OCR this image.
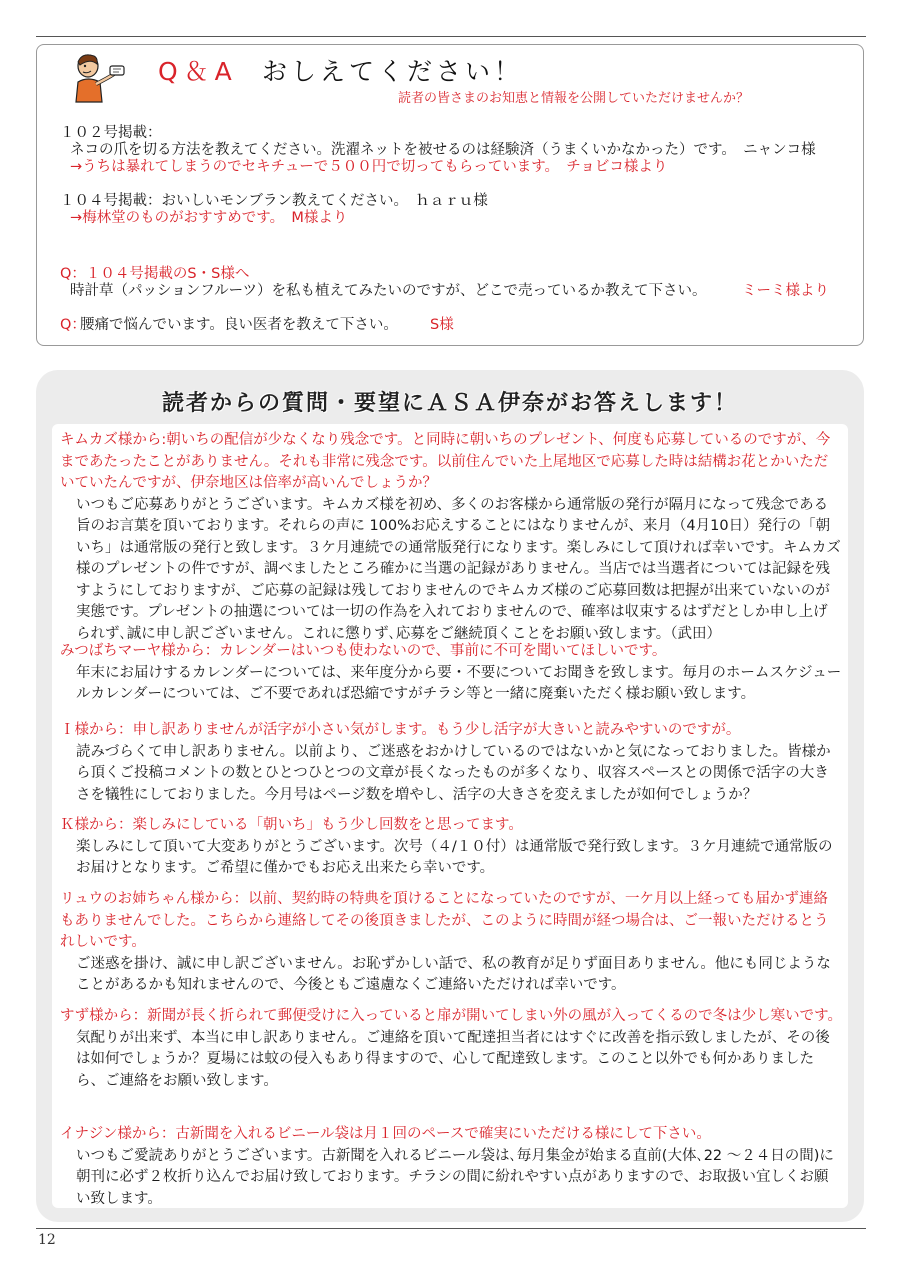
Q＆A おしえてください！
読者の皆さまのお知恵と情報を公開していただけませんか？
１０２号掲載：
ネコの爪を切る方法を教えてください。洗濯ネットを被せるのは経験済（うまくいかなかった）です。　ニャンコ様
→うちは暴れてしまうのでセキチューで５００円で切ってもらっています。　チョビコ様より
１０４号掲載：おいしいモンブラン教えてください。　ｈａｒｕ様
→梅林堂のものがおすすめです。　M様より
Q：１０４号掲載のS・S様へ
時計草（パッションフルーツ）を私も植えてみたいのですが、どこで売っているか教えて下さい。 ミーミ様より
Q：
腰痛で悩んでいます。良い医者を教えて下さい。 S様
読者からの質問・要望にＡＳＡ伊奈がお答えします！
キムカズ様から:朝いちの配信が少なくなり残念です。と同時に朝いちのプレゼント、何度も応募しているのですが、今まであたったことがありません。それも非常に残念です。以前住んでいた上尾地区で応募した時は結構お花とかいただいていたんですが、伊奈地区は倍率が高いんでしょうか？
いつもご応募ありがとうございます。キムカズ様を初め、多くのお客様から通常版の発行が隔月になって残念である旨のお言葉を頂いております。それらの声に 100%お応えすることにはなりませんが、来月（4月10日）発行の「朝いち」は通常版の発行と致します。３ケ月連続での通常版発行になります。楽しみにして頂ければ幸いです。キムカズ様のプレゼントの件ですが、調べましたところ確かに当選の記録がありません。当店では当選者については記録を残すようにしておりますが、ご応募の記録は残しておりませんのでキムカズ様のご応募回数は把握が出来ていないのが実態です。プレゼントの抽選については一切の作為を入れておりませんので、確率は収束するはずだとしか申し上げられず､誠に申し訳ございません。これに懲りず､応募をご継続頂くことをお願い致します。（武田）
みつばちマーヤ様から：カレンダーはいつも使わないので、事前に不可を聞いてほしいです。
年末にお届けするカレンダーについては、来年度分から要・不要についてお聞きを致します。毎月のホームスケジュールカレンダーについては、ご不要であれば恐縮ですがチラシ等と一緒に廃棄いただく様お願い致します。
Ｉ様から：申し訳ありませんが活字が小さい気がします。もう少し活字が大きいと読みやすいのですが。
読みづらくて申し訳ありません。以前より、ご迷惑をおかけしているのではないかと気になっておりました。皆様から頂くご投稿コメントの数とひとつひとつの文章が長くなったものが多くなり、収容スペースとの関係で活字の大きさを犠牲にしておりました。今月号はページ数を増やし、活字の大きさを変えましたが如何でしょうか？
Ｋ様から：楽しみにしている「朝いち」もう少し回数をと思ってます。
楽しみにして頂いて大変ありがとうございます。次号（４/１０付）は通常版で発行致します。３ケ月連続で通常版のお届けとなります。ご希望に僅かでもお応え出来たら幸いです。
リュウのお姉ちゃん様から：以前、契約時の特典を頂けることになっていたのですが、一ケ月以上経っても届かず連絡もありませんでした。こちらから連絡してその後頂きましたが、このように時間が経つ場合は、ご一報いただけるとうれしいです。
ご迷惑を掛け、誠に申し訳ございません。お恥ずかしい話で、私の教育が足りず面目ありません。他にも同じようなことがあるかも知れませんので、今後ともご遠慮なくご連絡いただければ幸いです。
すず様から：新聞が長く折られて郵便受けに入っていると扉が開いてしまい外の風が入ってくるので冬は少し寒いです。
気配りが出来ず、本当に申し訳ありません。ご連絡を頂いて配達担当者にはすぐに改善を指示致しましたが、その後は如何でしょうか？夏場には蚊の侵入もあり得ますので、心して配達致します。このこと以外でも何かありましたら、ご連絡をお願い致します。
イナジン様から：古新聞を入れるビニール袋は月１回のペースで確実にいただける様にして下さい。
いつもご愛読ありがとうございます。古新聞を入れるビニール袋は､毎月集金が始まる直前(大体､22 ～２４日の間)に朝刊に必ず２枚折り込んでお届け致しております。チラシの間に紛れやすい点がありますので、お取扱い宜しくお願い致します。
12
